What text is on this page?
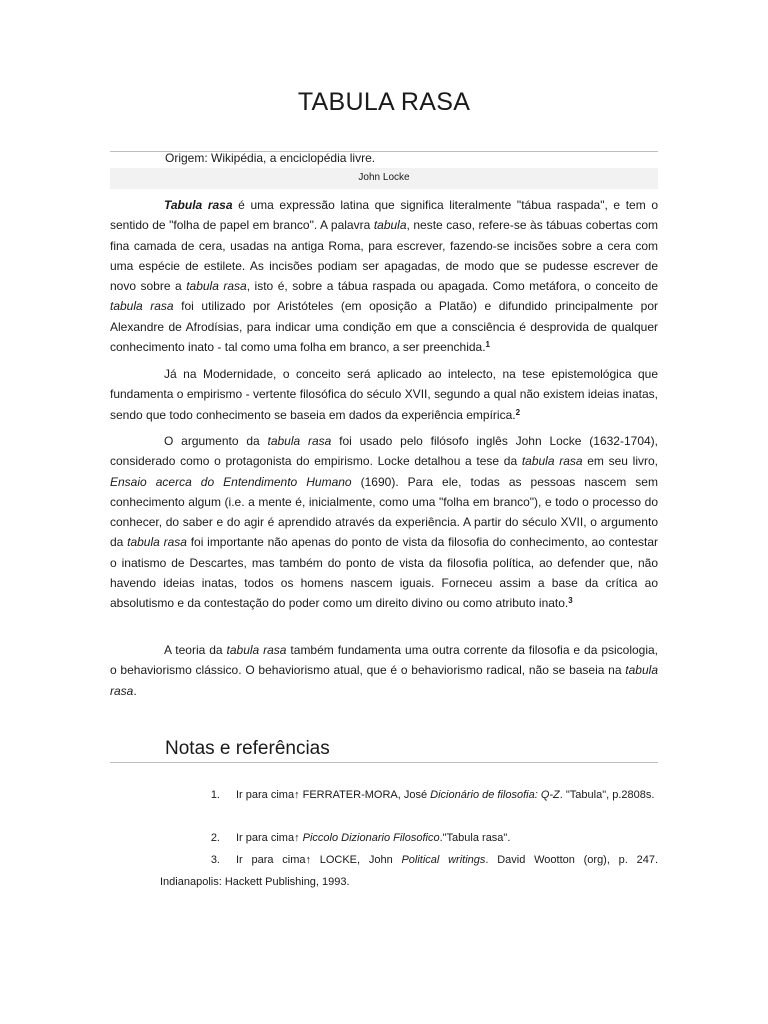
TABULA RASA
Origem: Wikipédia, a enciclopédia livre.
John Locke

Tabula rasa é uma expressão latina que significa literalmente "tábua raspada", e tem o sentido de "folha de papel em branco". A palavra tabula, neste caso, refere-se às tábuas cobertas com fina camada de cera, usadas na antiga Roma, para escrever, fazendo-se incisões sobre a cera com uma espécie de estilete. As incisões podiam ser apagadas, de modo que se pudesse escrever de novo sobre a tabula rasa, isto é, sobre a tábua raspada ou apagada. Como metáfora, o conceito de tabula rasa foi utilizado por Aristóteles (em oposição a Platão) e difundido principalmente por Alexandre de Afrodísias, para indicar uma condição em que a consciência é desprovida de qualquer conhecimento inato - tal como uma folha em branco, a ser preenchida.$^1$

Já na Modernidade, o conceito será aplicado ao intelecto, na tese epistemológica que fundamenta o empirismo - vertente filosófica do século XVII, segundo a qual não existem ideias inatas, sendo que todo conhecimento se baseia em dados da experiência empírica.$^2$

O argumento da tabula rasa foi usado pelo filósofo inglês John Locke (1632-1704), considerado como o protagonista do empirismo. Locke detalhou a tese da tabula rasa em seu livro, Ensaio acerca do Entendimento Humano (1690). Para ele, todas as pessoas nascem sem conhecimento algum (i.e. a mente é, inicialmente, como uma "folha em branco"), e todo o processo do conhecer, do saber e do agir é aprendido através da experiência. A partir do século XVII, o argumento da tabula rasa foi importante não apenas do ponto de vista da filosofia do conhecimento, ao contestar o inatismo de Descartes, mas também do ponto de vista da filosofia política, ao defender que, não havendo ideias inatas, todos os homens nascem iguais. Forneceu assim a base da crítica ao absolutismo e da contestação do poder como um direito divino ou como atributo inato.$^3$

A teoria da tabula rasa também fundamenta uma outra corrente da filosofia e da psicologia, o behaviorismo clássico. O behaviorismo atual, que é o behaviorismo radical, não se baseia na tabula rasa.

Notas e referências
1. Ir para cima↑ FERRATER-MORA, José Dicionário de filosofia: Q-Z. "Tabula", p.2808s.
2. Ir para cima↑ Piccolo Dizionario Filosofico."Tabula rasa".
3. Ir para cima↑ LOCKE, John Political writings. David Wootton (org), p. 247. Indianapolis: Hackett Publishing, 1993.
